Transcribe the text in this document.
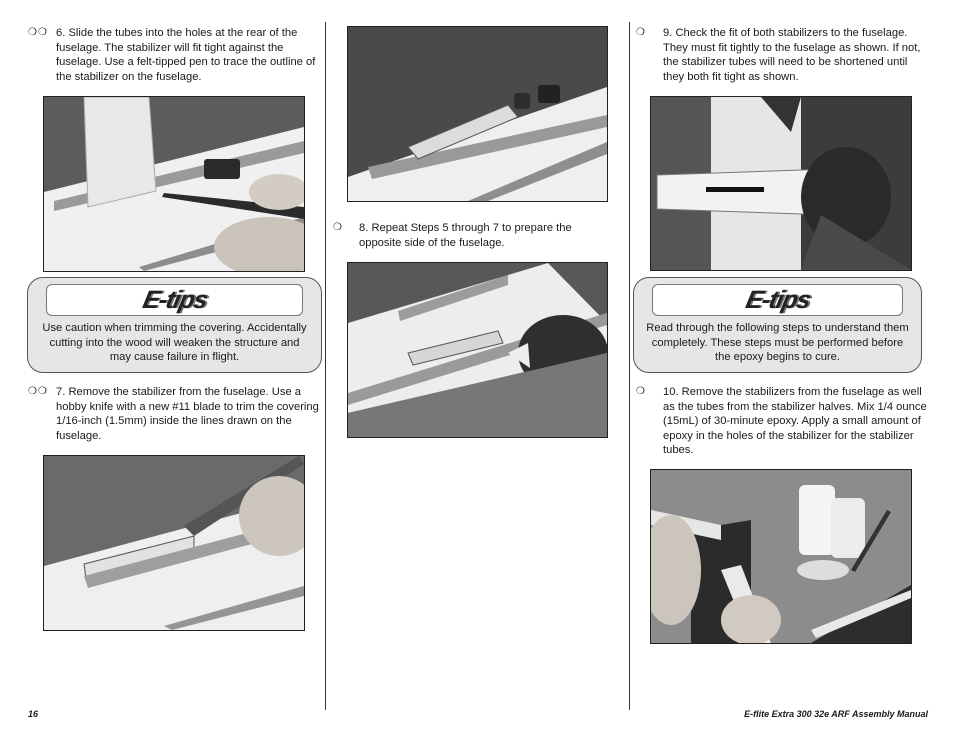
❍❍ 6. Slide the tubes into the holes at the rear of the fuselage. The stabilizer will fit tight against the fuselage. Use a felt-tipped pen to trace the outline of the stabilizer on the fuselage.
E-tips
Use caution when trimming the covering. Accidentally cutting into the wood will weaken the structure and may cause failure in flight.
❍❍ 7. Remove the stabilizer from the fuselage. Use a hobby knife with a new #11 blade to trim the covering 1/16-inch (1.5mm) inside the lines drawn on the fuselage.
❍ 8. Repeat Steps 5 through 7 to prepare the opposite side of the fuselage.
❍ 9. Check the fit of both stabilizers to the fuselage. They must fit tightly to the fuselage as shown. If not, the stabilizer tubes will need to be shortened until they both fit tight as shown.
E-tips
Read through the following steps to understand them completely. These steps must be performed before the epoxy begins to cure.
❍ 10. Remove the stabilizers from the fuselage as well as the tubes from the stabilizer halves. Mix 1/4 ounce (15mL) of 30-minute epoxy. Apply a small amount of epoxy in the holes of the stabilizer for the stabilizer tubes.
16	E-flite Extra 300 32e ARF Assembly Manual
